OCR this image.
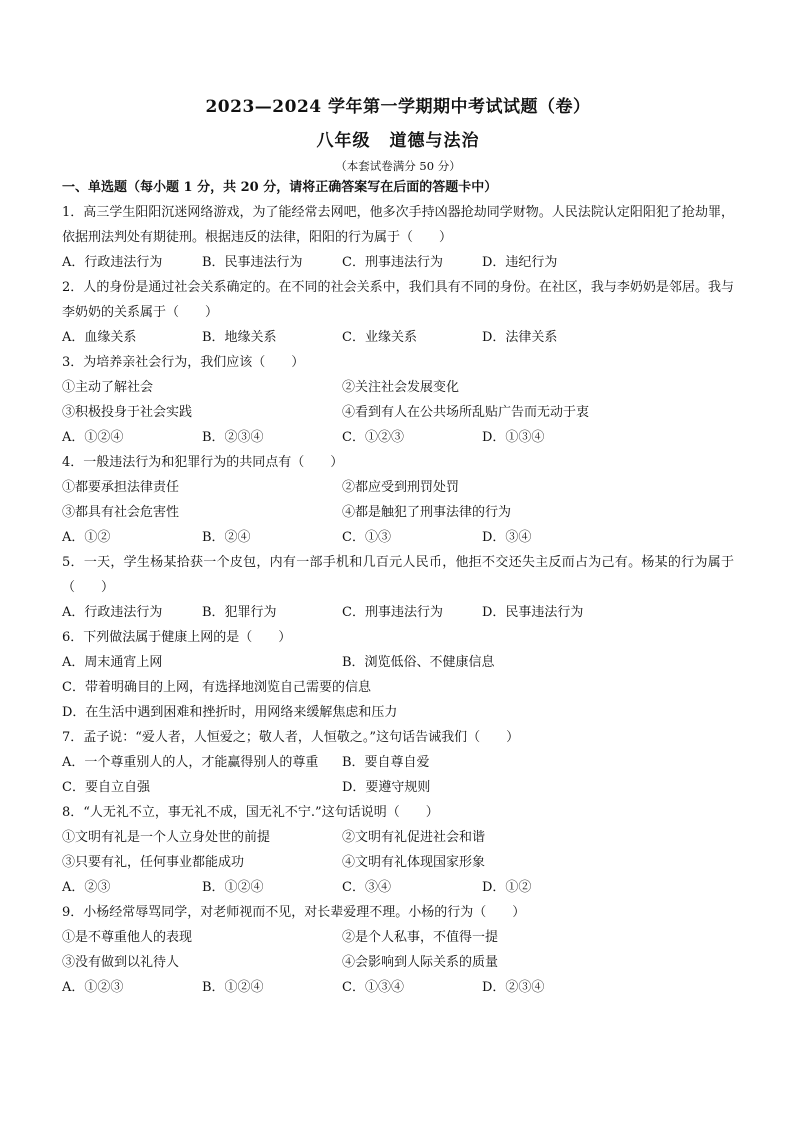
2023—2024 学年第一学期期中考试试题（卷）
八年级 道德与法治
（本套试卷满分 50 分）
一、单选题（每小题 1 分，共 20 分，请将正确答案写在后面的答题卡中）
1．高三学生阳阳沉迷网络游戏，为了能经常去网吧，他多次手持凶器抢劫同学财物。人民法院认定阳阳犯了抢劫罪，依据刑法判处有期徒刑。根据违反的法律，阳阳的行为属于（　　）
A．行政违法行为	B．民事违法行为	C．刑事违法行为	D．违纪行为
2．人的身份是通过社会关系确定的。在不同的社会关系中，我们具有不同的身份。在社区，我与李奶奶是邻居。我与李奶奶的关系属于（　　）
A．血缘关系	B．地缘关系	C．业缘关系	D．法律关系
3．为培养亲社会行为，我们应该（　　）
①主动了解社会	②关注社会发展变化
③积极投身于社会实践	④看到有人在公共场所乱贴广告而无动于衷
A．①②④	B．②③④	C．①②③	D．①③④
4．一般违法行为和犯罪行为的共同点有（　　）
①都要承担法律责任	②都应受到刑罚处罚
③都具有社会危害性	④都是触犯了刑事法律的行为
A．①②	B．②④	C．①③	D．③④
5．一天，学生杨某拾获一个皮包，内有一部手机和几百元人民币，他拒不交还失主反而占为己有。杨某的行为属于（　　）
A．行政违法行为	B．犯罪行为	C．刑事违法行为	D．民事违法行为
6．下列做法属于健康上网的是（　　）
A．周末通宵上网	B．浏览低俗、不健康信息
C．带着明确目的上网，有选择地浏览自己需要的信息
D．在生活中遇到困难和挫折时，用网络来缓解焦虑和压力
7．孟子说：“爱人者，人恒爱之；敬人者，人恒敬之。”这句话告诫我们（　　）
A．一个尊重别人的人，才能赢得别人的尊重	B．要自尊自爱
C．要自立自强	D．要遵守规则
8．“人无礼不立，事无礼不成，国无礼不宁.”这句话说明（　　）
①文明有礼是一个人立身处世的前提	②文明有礼促进社会和谐
③只要有礼，任何事业都能成功	④文明有礼体现国家形象
A．②③	B．①②④	C．③④	D．①②
9．小杨经常辱骂同学，对老师视而不见，对长辈爱理不理。小杨的行为（　　）
①是不尊重他人的表现	②是个人私事，不值得一提
③没有做到以礼待人	④会影响到人际关系的质量
A．①②③	B．①②④	C．①③④	D．②③④
